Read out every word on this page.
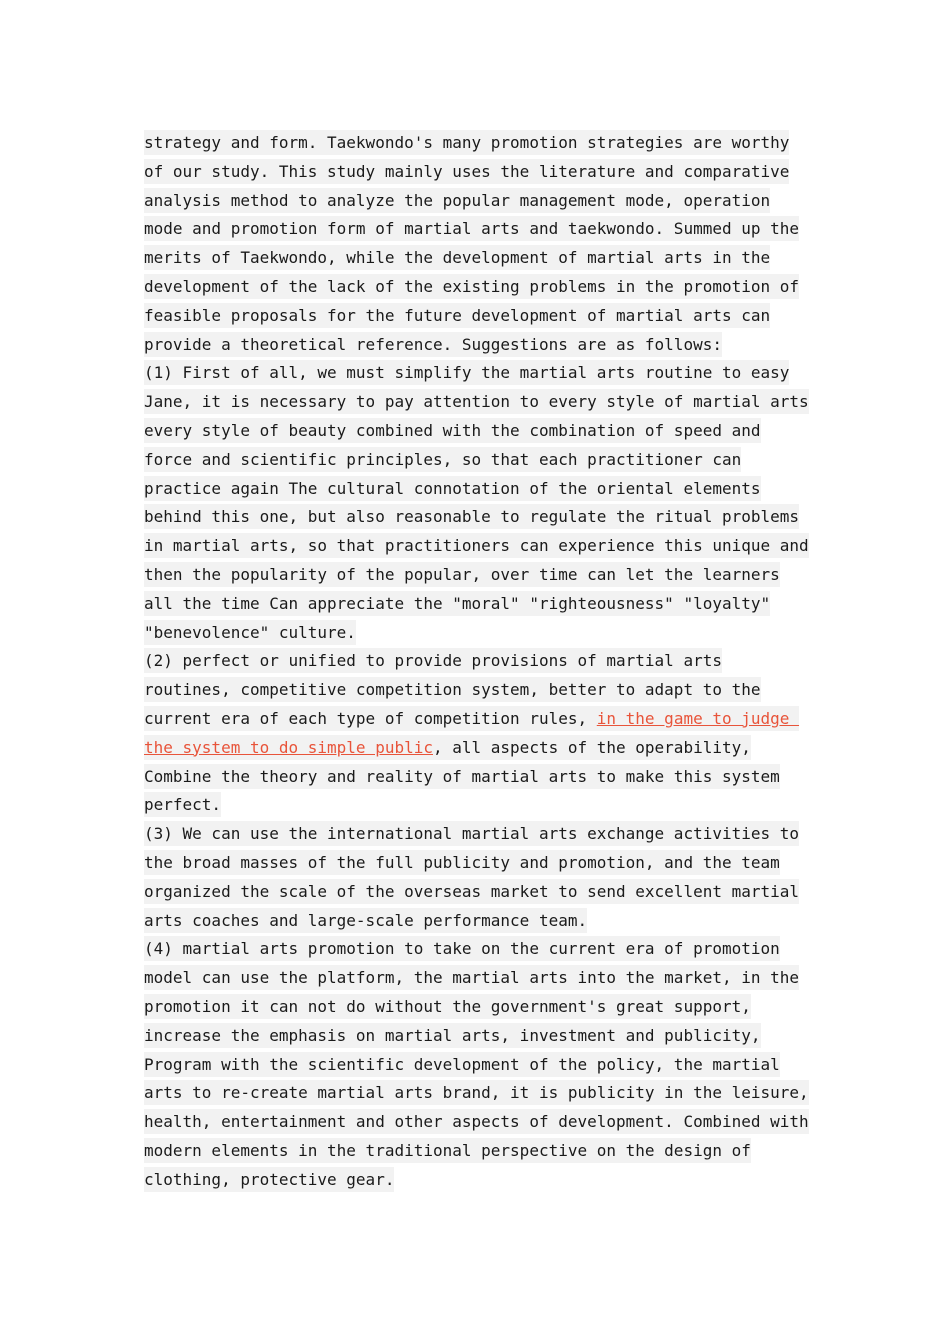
strategy and form. Taekwondo's many promotion strategies are worthy
of our study. This study mainly uses the literature and comparative
analysis method to analyze the popular management mode, operation
mode and promotion form of martial arts and taekwondo. Summed up the
merits of Taekwondo, while the development of martial arts in the
development of the lack of the existing problems in the promotion of
feasible proposals for the future development of martial arts can
provide a theoretical reference. Suggestions are as follows:
(1) First of all, we must simplify the martial arts routine to easy
Jane, it is necessary to pay attention to every style of martial arts
every style of beauty combined with the combination of speed and
force and scientific principles, so that each practitioner can
practice again The cultural connotation of the oriental elements
behind this one, but also reasonable to regulate the ritual problems
in martial arts, so that practitioners can experience this unique and
then the popularity of the popular, over time can let the learners
all the time Can appreciate the "moral" "righteousness" "loyalty"
"benevolence" culture.
(2) perfect or unified to provide provisions of martial arts
routines, competitive competition system, better to adapt to the
current era of each type of competition rules, in the game to judge
the system to do simple public, all aspects of the operability,
Combine the theory and reality of martial arts to make this system
perfect.
(3) We can use the international martial arts exchange activities to
the broad masses of the full publicity and promotion, and the team
organized the scale of the overseas market to send excellent martial
arts coaches and large-scale performance team.
(4) martial arts promotion to take on the current era of promotion
model can use the platform, the martial arts into the market, in the
promotion it can not do without the government's great support,
increase the emphasis on martial arts, investment and publicity,
Program with the scientific development of the policy, the martial
arts to re-create martial arts brand, it is publicity in the leisure,
health, entertainment and other aspects of development. Combined with
modern elements in the traditional perspective on the design of
clothing, protective gear.
